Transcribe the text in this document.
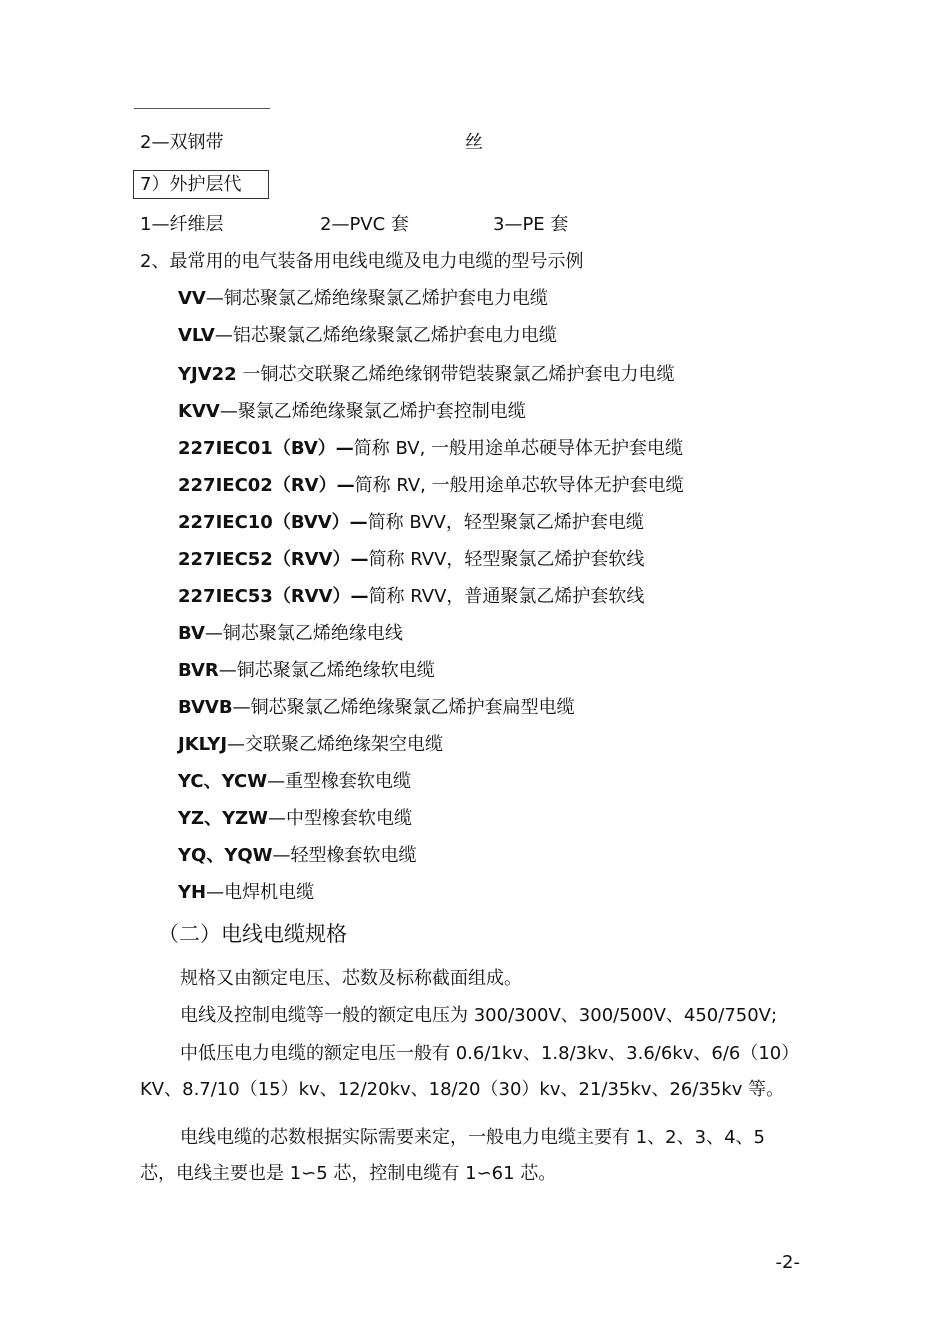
2—双钢带	丝
7）外护层代
1—纤维层	2—PVC 套	3—PE 套
2、最常用的电气装备用电线电缆及电力电缆的型号示例
VV—铜芯聚氯乙烯绝缘聚氯乙烯护套电力电缆
VLV—铝芯聚氯乙烯绝缘聚氯乙烯护套电力电缆
YJV22 一铜芯交联聚乙烯绝缘钢带铠装聚氯乙烯护套电力电缆
KVV—聚氯乙烯绝缘聚氯乙烯护套控制电缆
227IEC01（BV）—简称 BV, 一般用途单芯硬导体无护套电缆
227IEC02（RV）—简称 RV, 一般用途单芯软导体无护套电缆
227IEC10（BVV）—简称 BVV，轻型聚氯乙烯护套电缆
227IEC52（RVV）—简称 RVV，轻型聚氯乙烯护套软线
227IEC53（RVV）—简称 RVV，普通聚氯乙烯护套软线
BV—铜芯聚氯乙烯绝缘电线
BVR—铜芯聚氯乙烯绝缘软电缆
BVVB—铜芯聚氯乙烯绝缘聚氯乙烯护套扁型电缆
JKLYJ—交联聚乙烯绝缘架空电缆
YC、YCW—重型橡套软电缆
YZ、YZW—中型橡套软电缆
YQ、YQW—轻型橡套软电缆
YH—电焊机电缆
（二）电线电缆规格
规格又由额定电压、芯数及标称截面组成。
电线及控制电缆等一般的额定电压为 300/300V、300/500V、450/750V;
中低压电力电缆的额定电压一般有 0.6/1kv、1.8/3kv、3.6/6kv、6/6（10）
KV、8.7/10（15）kv、12/20kv、18/20（30）kv、21/35kv、26/35kv 等。
电线电缆的芯数根据实际需要来定，一般电力电缆主要有 1、2、3、4、5
芯，电线主要也是 1∽5 芯，控制电缆有 1∽61 芯。
-2-
